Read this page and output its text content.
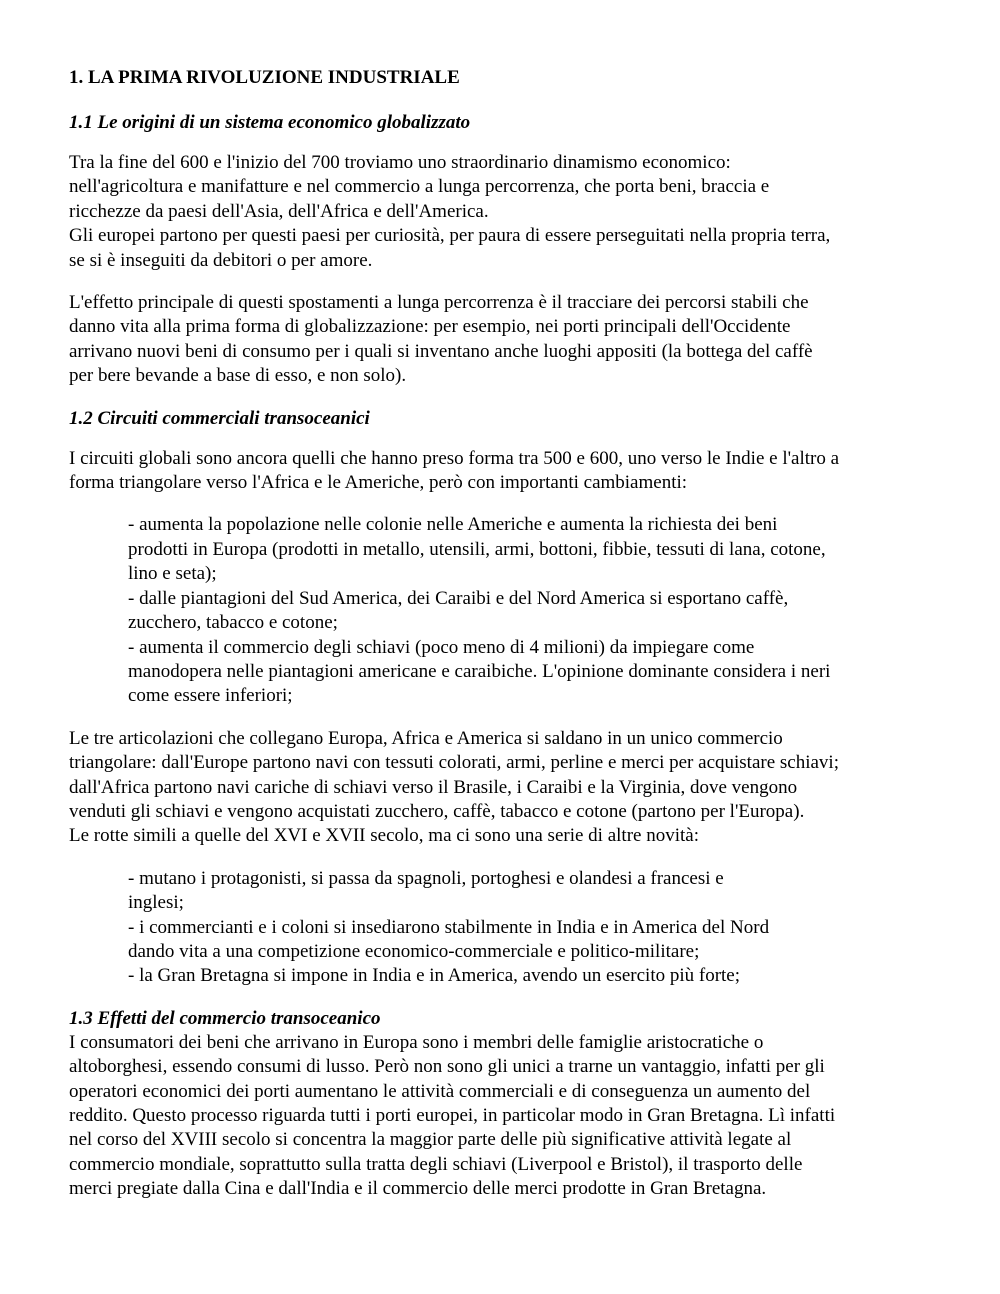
1. LA PRIMA RIVOLUZIONE INDUSTRIALE
1.1 Le origini di un sistema economico globalizzato
Tra la fine del 600 e l'inizio del 700 troviamo uno straordinario dinamismo economico:
nell'agricoltura e manifatture e nel commercio a lunga percorrenza, che porta beni, braccia e
ricchezze da paesi dell'Asia, dell'Africa e dell'America.
Gli europei partono per questi paesi per curiosità, per paura di essere perseguitati nella propria terra,
se si è inseguiti da debitori o per amore.
L'effetto principale di questi spostamenti a lunga percorrenza è il tracciare dei percorsi stabili che
danno vita alla prima forma di globalizzazione: per esempio, nei porti principali dell'Occidente
arrivano nuovi beni di consumo per i quali si inventano anche luoghi appositi (la bottega del caffè
per bere bevande a base di esso, e non solo).
1.2 Circuiti commerciali transoceanici
I circuiti globali sono ancora quelli che hanno preso forma tra 500 e 600, uno verso le Indie e l'altro a
forma triangolare verso l'Africa e le Americhe, però con importanti cambiamenti:
- aumenta la popolazione nelle colonie nelle Americhe e aumenta la richiesta dei beni
prodotti in Europa (prodotti in metallo, utensili, armi, bottoni, fibbie, tessuti di lana, cotone,
lino e seta);
- dalle piantagioni del Sud America, dei Caraibi e del Nord America si esportano caffè,
zucchero, tabacco e cotone;
- aumenta il commercio degli schiavi (poco meno di 4 milioni) da impiegare come
manodopera nelle piantagioni americane e caraibiche. L'opinione dominante considera i neri
come essere inferiori;
Le tre articolazioni che collegano Europa, Africa e America si saldano in un unico commercio
triangolare: dall'Europe partono navi con tessuti colorati, armi, perline e merci per acquistare schiavi;
dall'Africa partono navi cariche di schiavi verso il Brasile, i Caraibi e la Virginia, dove vengono
venduti gli schiavi e vengono acquistati zucchero, caffè, tabacco e cotone (partono per l'Europa).
Le rotte simili a quelle del XVI e XVII secolo, ma ci sono una serie di altre novità:
- mutano i protagonisti, si passa da spagnoli, portoghesi e olandesi a francesi e
inglesi;
- i commercianti e i coloni si insediarono stabilmente in India e in America del Nord
dando vita a una competizione economico-commerciale e politico-militare;
- la Gran Bretagna si impone in India e in America, avendo un esercito più forte;
1.3 Effetti del commercio transoceanico
I consumatori dei beni che arrivano in Europa sono i membri delle famiglie aristocratiche o
altoborghesi, essendo consumi di lusso. Però non sono gli unici a trarne un vantaggio, infatti per gli
operatori economici dei porti aumentano le attività commerciali e di conseguenza un aumento del
reddito. Questo processo riguarda tutti i porti europei, in particolar modo in Gran Bretagna. Lì infatti
nel corso del XVIII secolo si concentra la maggior parte delle più significative attività legate al
commercio mondiale, soprattutto sulla tratta degli schiavi (Liverpool e Bristol), il trasporto delle
merci pregiate dalla Cina e dall'India e il commercio delle merci prodotte in Gran Bretagna.
